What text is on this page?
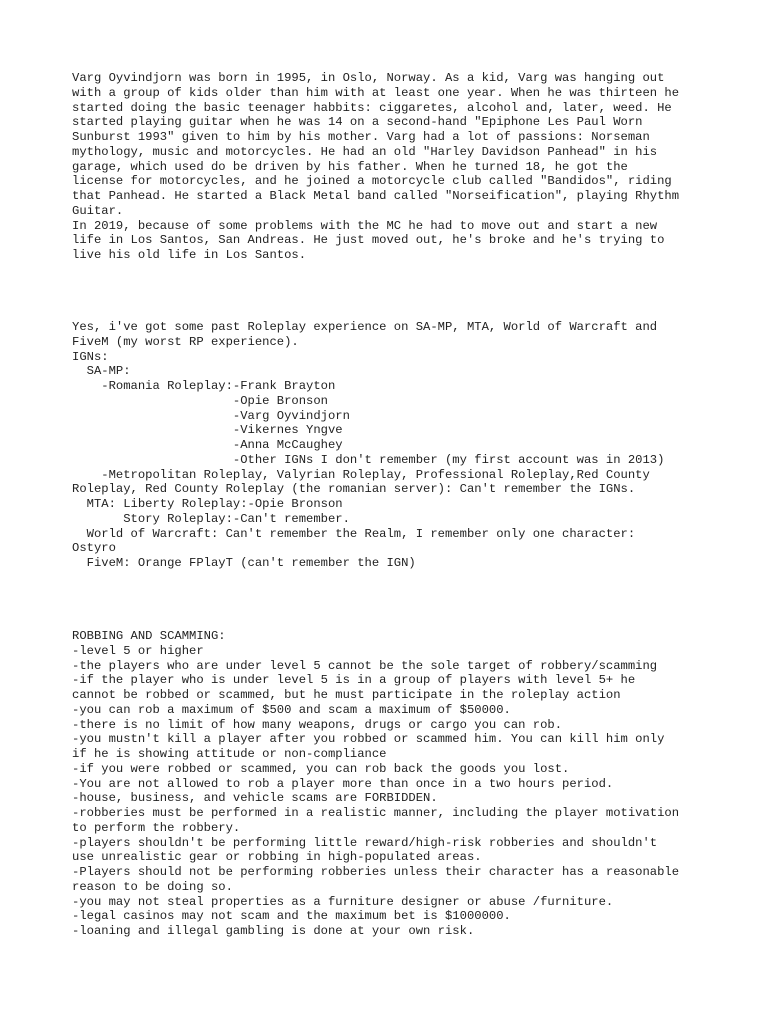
Varg Oyvindjorn was born in 1995, in Oslo, Norway. As a kid, Varg was hanging out
with a group of kids older than him with at least one year. When he was thirteen he
started doing the basic teenager habbits: ciggaretes, alcohol and, later, weed. He
started playing guitar when he was 14 on a second-hand "Epiphone Les Paul Worn
Sunburst 1993" given to him by his mother. Varg had a lot of passions: Norseman
mythology, music and motorcycles. He had an old "Harley Davidson Panhead" in his
garage, which used do be driven by his father. When he turned 18, he got the
license for motorcycles, and he joined a motorcycle club called "Bandidos", riding
that Panhead. He started a Black Metal band called "Norseification", playing Rhythm
Guitar.
In 2019, because of some problems with the MC he had to move out and start a new
life in Los Santos, San Andreas. He just moved out, he's broke and he's trying to
live his old life in Los Santos.

Yes, i've got some past Roleplay experience on SA-MP, MTA, World of Warcraft and
FiveM (my worst RP experience).
IGNs:
SA-MP:
-Romania Roleplay:-Frank Brayton
-Opie Bronson
-Varg Oyvindjorn
-Vikernes Yngve
-Anna McCaughey
-Other IGNs I don't remember (my first account was in 2013)
-Metropolitan Roleplay, Valyrian Roleplay, Professional Roleplay,Red County
Roleplay, Red County Roleplay (the romanian server): Can't remember the IGNs.
MTA: Liberty Roleplay:-Opie Bronson
Story Roleplay:-Can't remember.
World of Warcraft: Can't remember the Realm, I remember only one character:
Ostyro
FiveM: Orange FPlayT (can't remember the IGN)

ROBBING AND SCAMMING:
-level 5 or higher
-the players who are under level 5 cannot be the sole target of robbery/scamming
-if the player who is under level 5 is in a group of players with level 5+ he
cannot be robbed or scammed, but he must participate in the roleplay action
-you can rob a maximum of $500 and scam a maximum of $50000.
-there is no limit of how many weapons, drugs or cargo you can rob.
-you mustn't kill a player after you robbed or scammed him. You can kill him only
if he is showing attitude or non-compliance
-if you were robbed or scammed, you can rob back the goods you lost.
-You are not allowed to rob a player more than once in a two hours period.
-house, business, and vehicle scams are FORBIDDEN.
-robberies must be performed in a realistic manner, including the player motivation
to perform the robbery.
-players shouldn't be performing little reward/high-risk robberies and shouldn't
use unrealistic gear or robbing in high-populated areas.
-Players should not be performing robberies unless their character has a reasonable
reason to be doing so.
-you may not steal properties as a furniture designer or abuse /furniture.
-legal casinos may not scam and the maximum bet is $1000000.
-loaning and illegal gambling is done at your own risk.
